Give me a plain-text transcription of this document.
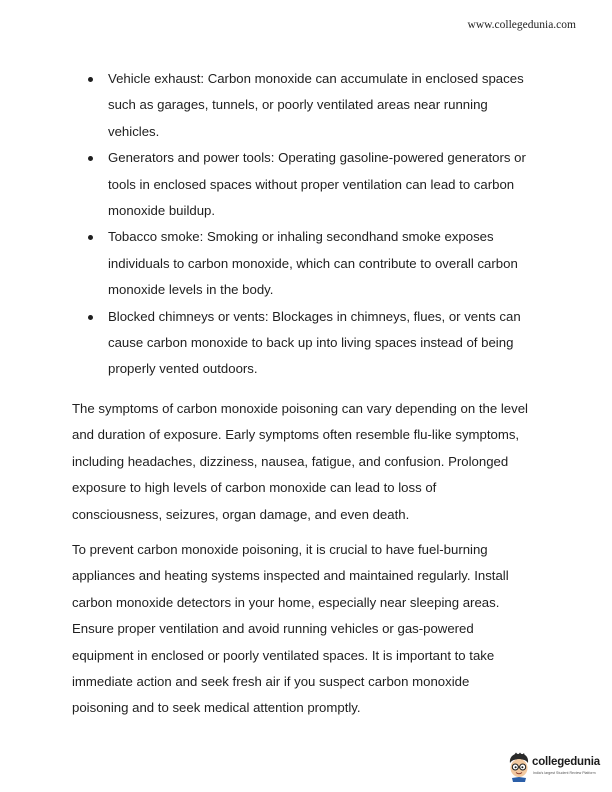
www.collegedunia.com
Vehicle exhaust: Carbon monoxide can accumulate in enclosed spaces
such as garages, tunnels, or poorly ventilated areas near running
vehicles.
Generators and power tools: Operating gasoline-powered generators or
tools in enclosed spaces without proper ventilation can lead to carbon
monoxide buildup.
Tobacco smoke: Smoking or inhaling secondhand smoke exposes
individuals to carbon monoxide, which can contribute to overall carbon
monoxide levels in the body.
Blocked chimneys or vents: Blockages in chimneys, flues, or vents can
cause carbon monoxide to back up into living spaces instead of being
properly vented outdoors.

The symptoms of carbon monoxide poisoning can vary depending on the level
and duration of exposure. Early symptoms often resemble flu-like symptoms,
including headaches, dizziness, nausea, fatigue, and confusion. Prolonged
exposure to high levels of carbon monoxide can lead to loss of
consciousness, seizures, organ damage, and even death.

To prevent carbon monoxide poisoning, it is crucial to have fuel-burning
appliances and heating systems inspected and maintained regularly. Install
carbon monoxide detectors in your home, especially near sleeping areas.
Ensure proper ventilation and avoid running vehicles or gas-powered
equipment in enclosed or poorly ventilated spaces. It is important to take
immediate action and seek fresh air if you suspect carbon monoxide
poisoning and to seek medical attention promptly.

collegedunia
India's largest Student Review Platform
